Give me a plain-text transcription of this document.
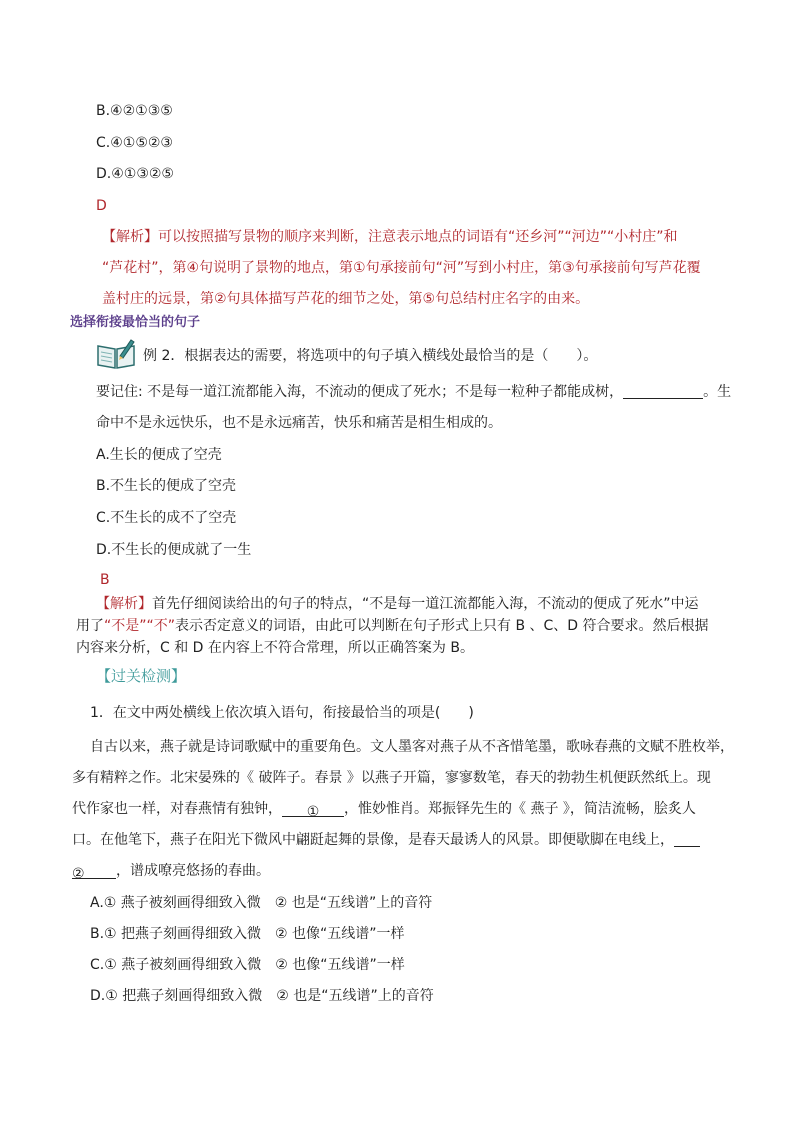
B.④②①③⑤
C.④①⑤②③
D.④①③②⑤
D
【解析】可以按照描写景物的顺序来判断，注意表示地点的词语有“还乡河”“河边”“小村庄”和
“芦花村”，第④句说明了景物的地点，第①句承接前句“河”写到小村庄，第③句承接前句写芦花覆
盖村庄的远景，第②句具体描写芦花的细节之处，第⑤句总结村庄名字的由来。
选择衔接最恰当的句子
例 2．根据表达的需要，将选项中的句子填入横线处最恰当的是（　　）。
要记住: 不是每一道江流都能入海，不流动的便成了死水；不是每一粒种子都能成树，	。生
命中不是永远快乐，也不是永远痛苦，快乐和痛苦是相生相成的。
A.生长的便成了空壳
B.不生长的便成了空壳
C.不生长的成不了空壳
D.不生长的便成就了一生
B
【解析】首先仔细阅读给出的句子的特点，“不是每一道江流都能入海，不流动的便成了死水”中运
用了“不是”“不”表示否定意义的词语，由此可以判断在句子形式上只有 B 、C、D 符合要求。然后根据
内容来分析，C 和 D 在内容上不符合常理，所以正确答案为 B。
【过关检测】
1．在文中两处横线上依次填入语句，衔接最恰当的项是(　　)
自古以来，燕子就是诗词歌赋中的重要角色。文人墨客对燕子从不吝惜笔墨，歌咏春燕的文赋不胜枚举，
多有精粹之作。北宋晏殊的《 破阵子。春景 》以燕子开篇，寥寥数笔，春天的勃勃生机便跃然纸上。现
代作家也一样，对春燕情有独钟， ① ，惟妙惟肖。郑振铎先生的《 燕子 》，简洁流畅，脍炙人
口。在他笔下，燕子在阳光下微风中翩跹起舞的景像，是春天最诱人的风景。即便歇脚在电线上，
② ，谱成嘹亮悠扬的春曲。
A.① 燕子被刻画得细致入微　② 也是“五线谱”上的音符
B.① 把燕子刻画得细致入微　② 也像“五线谱”一样
C.① 燕子被刻画得细致入微　② 也像“五线谱”一样
D.① 把燕子刻画得细致入微　② 也是“五线谱”上的音符
